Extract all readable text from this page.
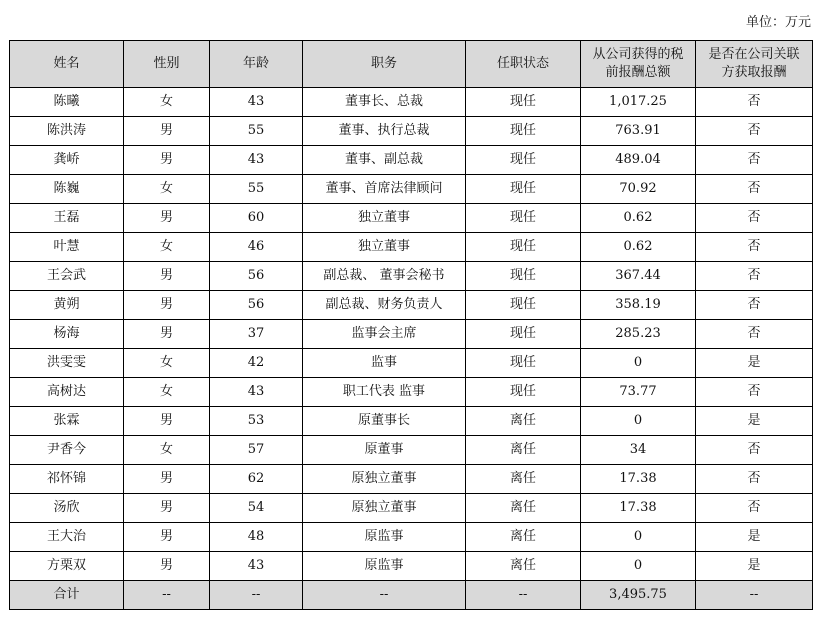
单位：万元
姓名	性别	年龄	职务	任职状态	从公司获得的税前报酬总额	是否在公司关联方获取报酬
陈曦	女	43	董事长、总裁	现任	1,017.25	否
陈洪涛	男	55	董事、执行总裁	现任	763.91	否
龚峤	男	43	董事、副总裁	现任	489.04	否
陈巍	女	55	董事、首席法律顾问	现任	70.92	否
王磊	男	60	独立董事	现任	0.62	否
叶慧	女	46	独立董事	现任	0.62	否
王会武	男	56	副总裁、 董事会秘书	现任	367.44	否
黄朔	男	56	副总裁、财务负责人	现任	358.19	否
杨海	男	37	监事会主席	现任	285.23	否
洪雯雯	女	42	监事	现任	0	是
高树达	女	43	职工代表 监事	现任	73.77	否
张霖	男	53	原董事长	离任	0	是
尹香今	女	57	原董事	离任	34	否
祁怀锦	男	62	原独立董事	离任	17.38	否
汤欣	男	54	原独立董事	离任	17.38	否
王大治	男	48	原监事	离任	0	是
方栗双	男	43	原监事	离任	0	是
合计	--	--	--	--	3,495.75	--
